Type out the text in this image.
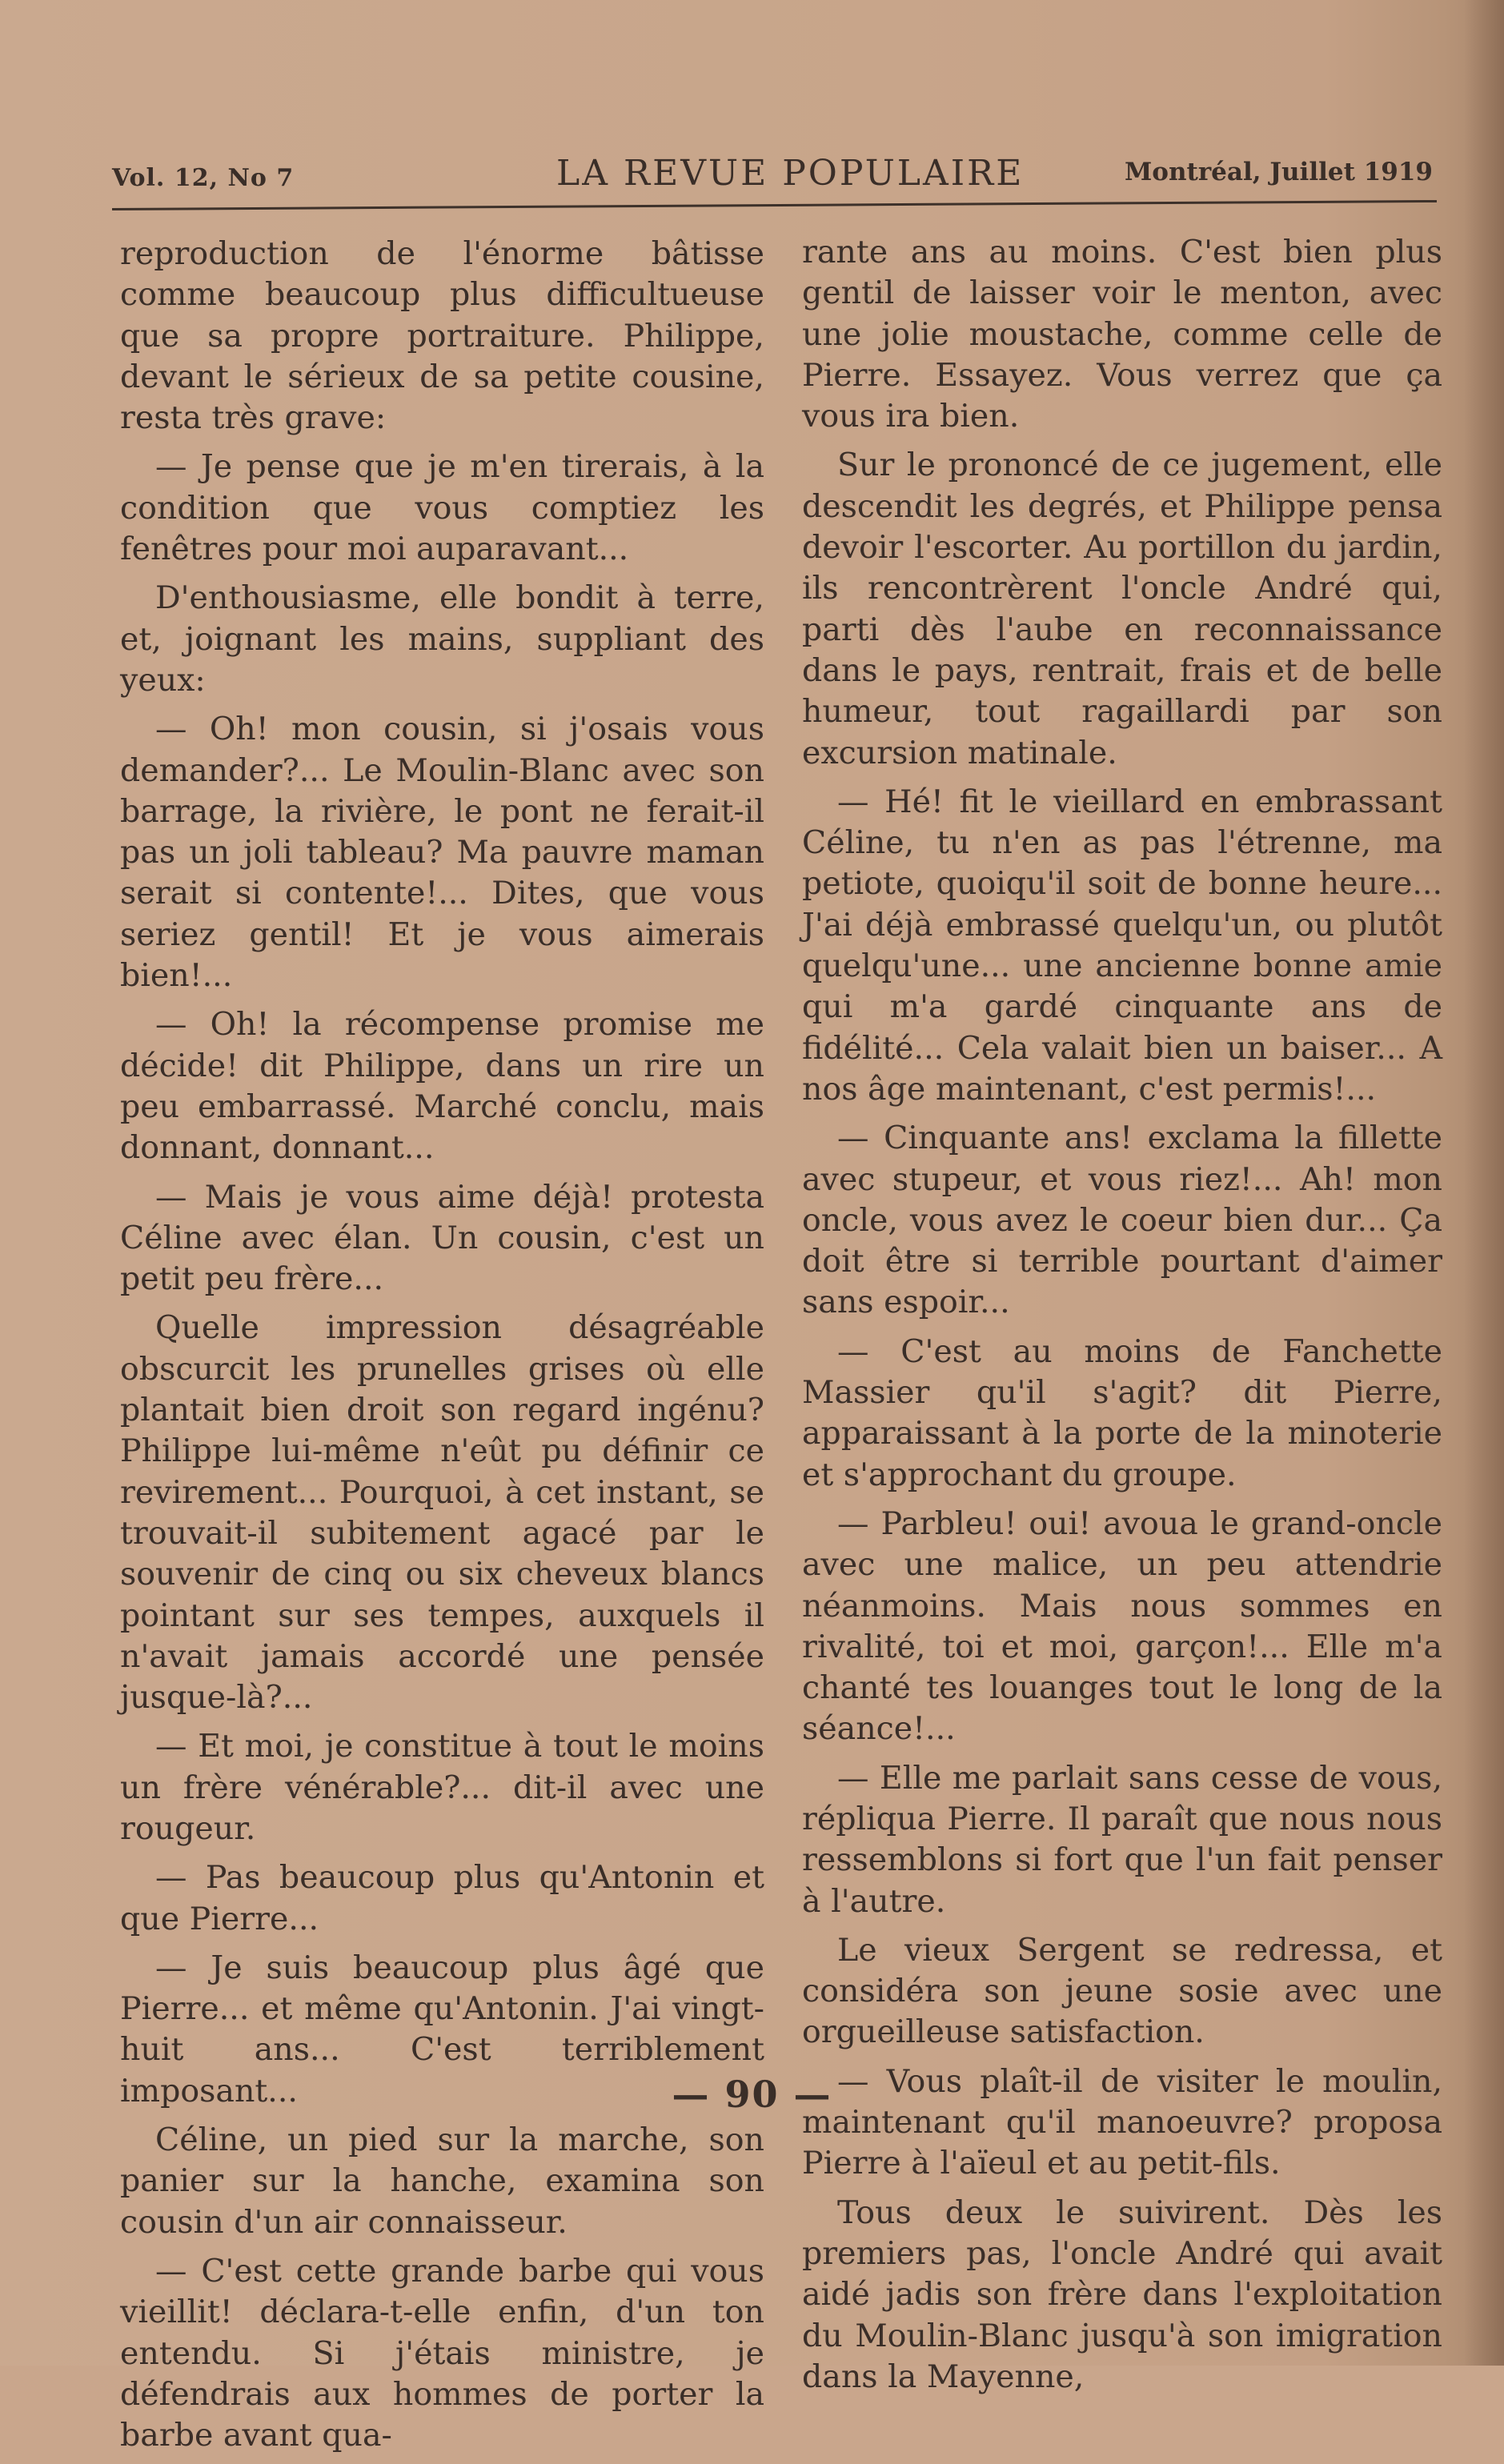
Vol. 12, No 7	LA REVUE POPULAIRE	Montréal, Juillet 1919

reproduction de l'énorme bâtisse comme beaucoup plus difficultueuse que sa propre portraiture. Philippe, devant le sérieux de sa petite cousine, resta très grave:

— Je pense que je m'en tirerais, à la condition que vous comptiez les fenêtres pour moi auparavant...

D'enthousiasme, elle bondit à terre, et, joignant les mains, suppliant des yeux:

— Oh! mon cousin, si j'osais vous demander?... Le Moulin-Blanc avec son barrage, la rivière, le pont ne ferait-il pas un joli tableau? Ma pauvre maman serait si contente!... Dites, que vous seriez gentil! Et je vous aimerais bien!...

— Oh! la récompense promise me décide! dit Philippe, dans un rire un peu embarrassé. Marché conclu, mais donnant, donnant...

— Mais je vous aime déjà! protesta Céline avec élan. Un cousin, c'est un petit peu frère...

Quelle impression désagréable obscurcit les prunelles grises où elle plantait bien droit son regard ingénu? Philippe lui-même n'eût pu définir ce revirement... Pourquoi, à cet instant, se trouvait-il subitement agacé par le souvenir de cinq ou six cheveux blancs pointant sur ses tempes, auxquels il n'avait jamais accordé une pensée jusque-là?...

— Et moi, je constitue à tout le moins un frère vénérable?... dit-il avec une rougeur.

— Pas beaucoup plus qu'Antonin et que Pierre...

— Je suis beaucoup plus âgé que Pierre... et même qu'Antonin. J'ai vingt-huit ans... C'est terriblement imposant...

Céline, un pied sur la marche, son panier sur la hanche, examina son cousin d'un air connaisseur.

— C'est cette grande barbe qui vous vieillit! déclara-t-elle enfin, d'un ton entendu. Si j'étais ministre, je défendrais aux hommes de porter la barbe avant qua-

rante ans au moins. C'est bien plus gentil de laisser voir le menton, avec une jolie moustache, comme celle de Pierre. Essayez. Vous verrez que ça vous ira bien.

Sur le prononcé de ce jugement, elle descendit les degrés, et Philippe pensa devoir l'escorter. Au portillon du jardin, ils rencontrèrent l'oncle André qui, parti dès l'aube en reconnaissance dans le pays, rentrait, frais et de belle humeur, tout ragaillardi par son excursion matinale.

— Hé! fit le vieillard en embrassant Céline, tu n'en as pas l'étrenne, ma petiote, quoiqu'il soit de bonne heure... J'ai déjà embrassé quelqu'un, ou plutôt quelqu'une... une ancienne bonne amie qui m'a gardé cinquante ans de fidélité... Cela valait bien un baiser... A nos âge maintenant, c'est permis!...

— Cinquante ans! exclama la fillette avec stupeur, et vous riez!... Ah! mon oncle, vous avez le coeur bien dur... Ça doit être si terrible pourtant d'aimer sans espoir...

— C'est au moins de Fanchette Massier qu'il s'agit? dit Pierre, apparaissant à la porte de la minoterie et s'approchant du groupe.

— Parbleu! oui! avoua le grand-oncle avec une malice, un peu attendrie néanmoins. Mais nous sommes en rivalité, toi et moi, garçon!... Elle m'a chanté tes louanges tout le long de la séance!...

— Elle me parlait sans cesse de vous, répliqua Pierre. Il paraît que nous nous ressemblons si fort que l'un fait penser à l'autre.

Le vieux Sergent se redressa, et considéra son jeune sosie avec une orgueilleuse satisfaction.

— Vous plaît-il de visiter le moulin, maintenant qu'il manoeuvre? proposa Pierre à l'aïeul et au petit-fils.

Tous deux le suivirent. Dès les premiers pas, l'oncle André qui avait aidé jadis son frère dans l'exploitation du Moulin-Blanc jusqu'à son imigration dans la Mayenne,

— 90 —
